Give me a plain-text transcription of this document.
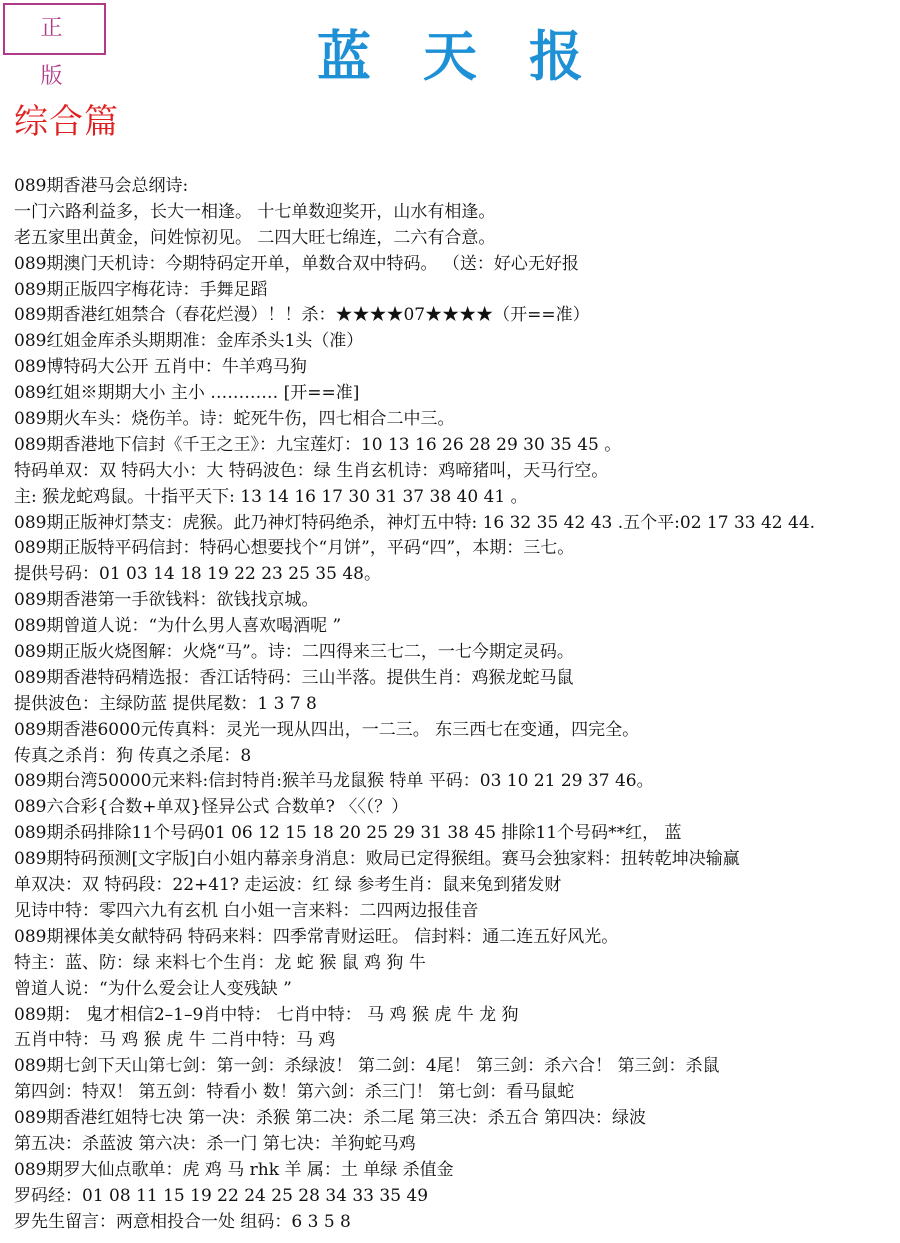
正 版	蓝天报
综合篇
089期香港马会总纲诗:
一门六路利益多，长大一相逢。 十七单数迎奖开，山水有相逢。
老五家里出黄金，问姓惊初见。 二四大旺七绵连，二六有合意。
089期澳门天机诗：今期特码定开单，单数合双中特码。 （送：好心无好报
089期正版四字梅花诗：手舞足蹈
089期香港红姐禁合（春花烂漫）！！杀：★★★★07★★★★（开==准）
089红姐金库杀头期期准：金库杀头1头（准）
089博特码大公开 五肖中：牛羊鸡马狗
089红姐※期期大小 主小 ………… [开==准]
089期火车头：烧伤羊。诗：蛇死牛伤，四七相合二中三。
089期香港地下信封《千王之王》：九宝莲灯：10 13 16 26 28 29 30 35 45 。
特码单双：双 特码大小：大 特码波色：绿 生肖玄机诗：鸡啼猪叫，天马行空。
主: 猴龙蛇鸡鼠。十指平天下: 13 14 16 17 30 31 37 38 40 41 。
089期正版神灯禁支：虎猴。此乃神灯特码绝杀，神灯五中特: 16 32 35 42 43 .五个平:02 17 33 42 44.
089期正版特平码信封：特码心想要找个“月饼”，平码“四”，本期：三七。
提供号码：01 03 14 18 19 22 23 25 35 48。
089期香港第一手欲钱料：欲钱找京城。
089期曾道人说：“为什么男人喜欢喝酒呢 ”
089期正版火烧图解：火烧“马”。诗：二四得来三七二，一七今期定灵码。
089期香港特码精选报：香江话特码：三山半落。提供生肖：鸡猴龙蛇马鼠
提供波色：主绿防蓝 提供尾数：1 3 7 8
089期香港6000元传真料：灵光一现从四出，一二三。 东三西七在变通，四完全。
传真之杀肖：狗 传真之杀尾：8
089期台湾50000元来料:信封特肖:猴羊马龙鼠猴 特单 平码：03 10 21 29 37 46。
089六合彩{合数+单双}怪异公式 合数单? 〈〈（？）
089期杀码排除11个号码01 06 12 15 18 20 25 29 31 38 45 排除11个号码**红， 蓝
089期特码预测[文字版]白小姐内幕亲身消息：败局已定得猴组。赛马会独家料：扭转乾坤决输赢
单双决：双 特码段：22+41? 走运波：红 绿 参考生肖：鼠来兔到猪发财
见诗中特：零四六九有玄机 白小姐一言来料：二四两边报佳音
089期裸体美女献特码 特码来料：四季常青财运旺。 信封料：通二连五好风光。
特主：蓝、防：绿 来料七个生肖：龙 蛇 猴 鼠 鸡 狗 牛
曾道人说：“为什么爱会让人变残缺 ”
089期： 鬼才相信2–1–9肖中特： 七肖中特： 马 鸡 猴 虎 牛 龙 狗
五肖中特：马 鸡 猴 虎 牛 二肖中特：马 鸡
089期七剑下天山第七剑：第一剑：杀绿波！ 第二剑：4尾！ 第三剑：杀六合！ 第三剑：杀鼠
第四剑：特双！ 第五剑：特看小 数！第六剑：杀三门！ 第七剑：看马鼠蛇
089期香港红姐特七决 第一决：杀猴 第二决：杀二尾 第三决：杀五合 第四决：绿波
第五决：杀蓝波 第六决：杀一门 第七决：羊狗蛇马鸡
089期罗大仙点歌单：虎 鸡 马 rhk 羊 属：土 单绿 杀值金
罗码经：01 08 11 15 19 22 24 25 28 34 33 35 49
罗先生留言：两意相投合一处 组码：6 3 5 8
